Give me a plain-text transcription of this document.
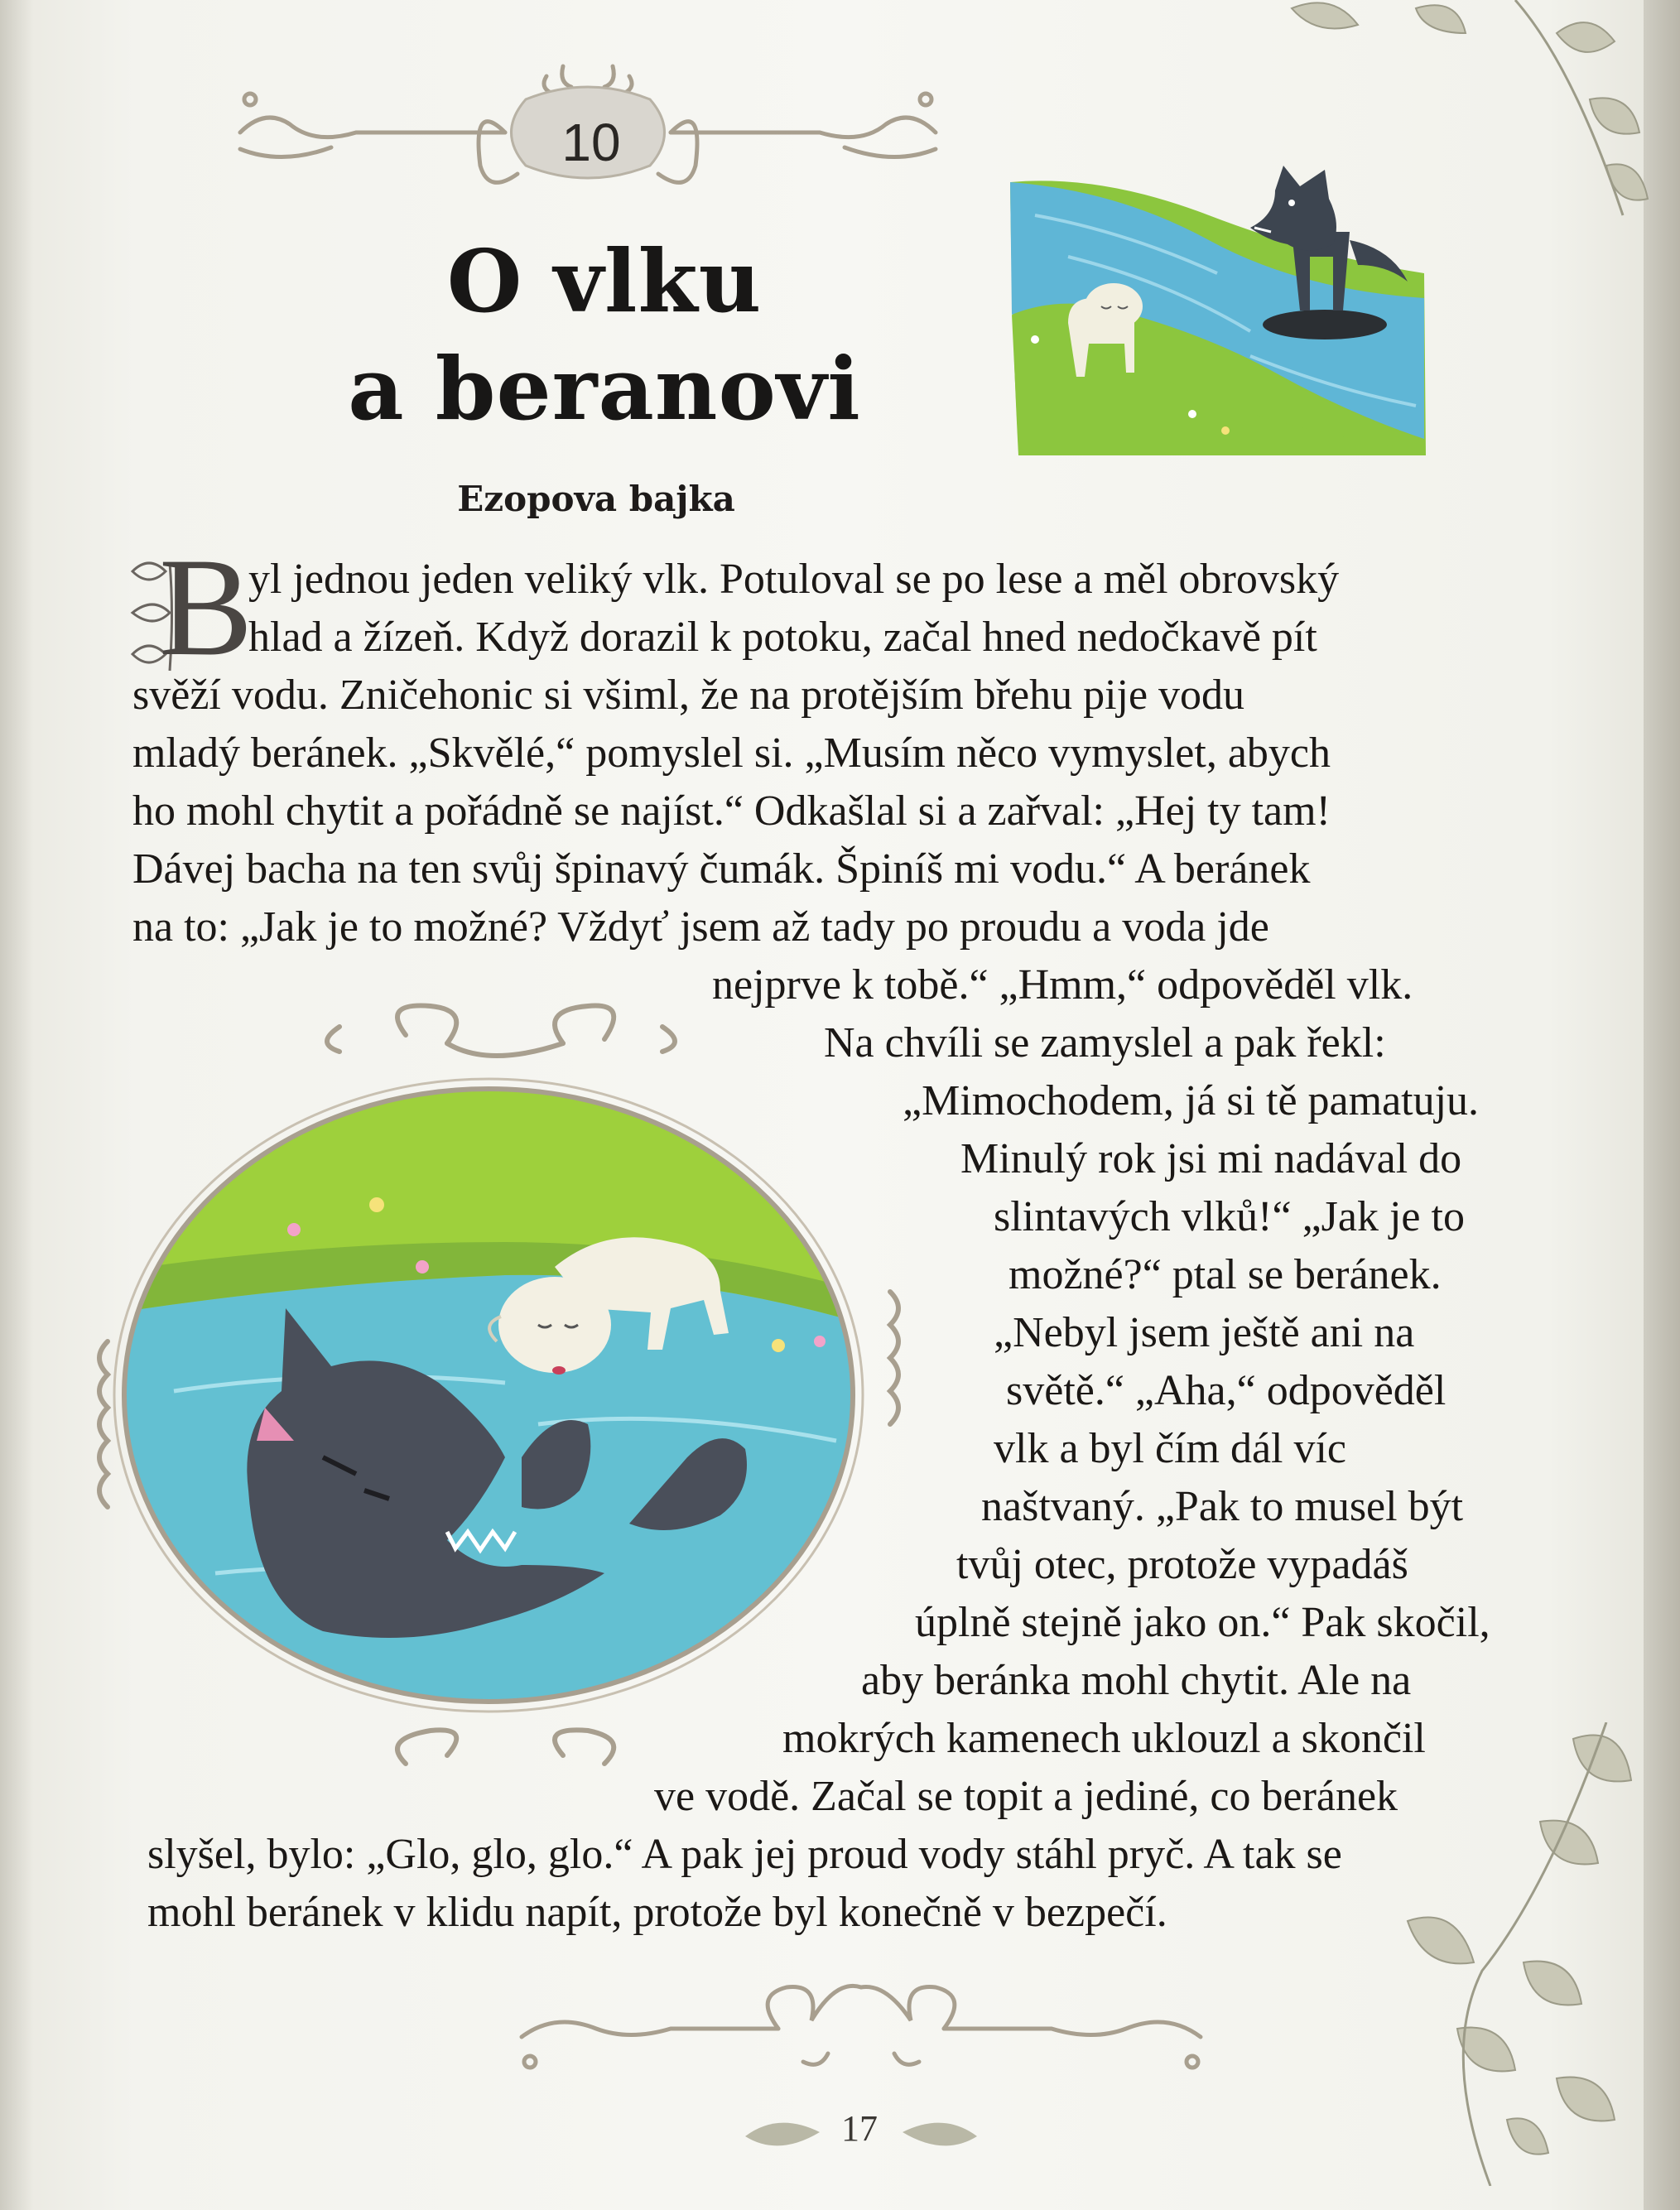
10
O vlku
a beranovi
Ezopova bajka
B
yl jednou jeden veliký vlk. Potuloval se po lese a měl obrovský
hlad a žízeň. Když dorazil k potoku, začal hned nedočkavě pít
svěží vodu. Zničehonic si všiml, že na protějším břehu pije vodu
mladý beránek. „Skvělé,“ pomyslel si. „Musím něco vymyslet, abych
ho mohl chytit a pořádně se najíst.“ Odkašlal si a zařval: „Hej ty tam!
Dávej bacha na ten svůj špinavý čumák. Špiníš mi vodu.“ A beránek
na to: „Jak je to možné? Vždyť jsem až tady po proudu a voda jde
nejprve k tobě.“ „Hmm,“ odpověděl vlk.
Na chvíli se zamyslel a pak řekl:
„Mimochodem, já si tě pamatuju.
Minulý rok jsi mi nadával do
slintavých vlků!“ „Jak je to
možné?“ ptal se beránek.
„Nebyl jsem ještě ani na
světě.“ „Aha,“ odpověděl
vlk a byl čím dál víc
naštvaný. „Pak to musel být
tvůj otec, protože vypadáš
úplně stejně jako on.“ Pak skočil,
aby beránka mohl chytit. Ale na
mokrých kamenech uklouzl a skončil
ve vodě. Začal se topit a jediné, co beránek
slyšel, bylo: „Glo, glo, glo.“ A pak jej proud vody stáhl pryč. A tak se
mohl beránek v klidu napít, protože byl konečně v bezpečí.
17
